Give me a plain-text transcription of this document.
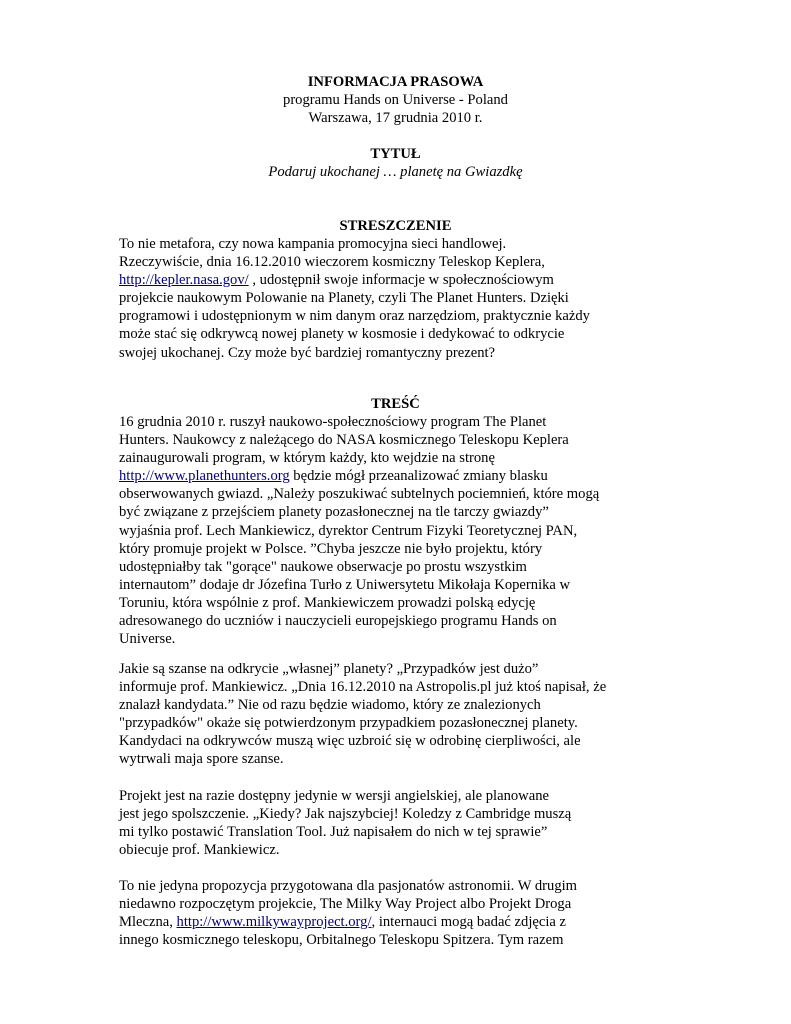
INFORMACJA PRASOWA
programu Hands on Universe - Poland
Warszawa, 17 grudnia 2010 r.
TYTUŁ
Podaruj ukochanej … planetę na Gwiazdkę
STRESZCZENIE
To nie metafora, czy nowa kampania promocyjna sieci handlowej.
Rzeczywiście, dnia 16.12.2010 wieczorem kosmiczny Teleskop Keplera,
http://kepler.nasa.gov/ , udostępnił swoje informacje w społecznościowym
projekcie naukowym Polowanie na Planety, czyli The Planet Hunters. Dzięki
programowi i udostępnionym w nim danym oraz narzędziom, praktycznie każdy
może stać się odkrywcą nowej planety w kosmosie i dedykować to odkrycie
swojej ukochanej. Czy może być bardziej romantyczny prezent?
TREŚĆ
16 grudnia 2010 r. ruszył naukowo-społecznościowy program The Planet
Hunters. Naukowcy z należącego do NASA kosmicznego Teleskopu Keplera
zainaugurowali program, w którym każdy, kto wejdzie na stronę
http://www.planethunters.org będzie mógł przeanalizować zmiany blasku
obserwowanych gwiazd. „Należy poszukiwać subtelnych pociemnień, które mogą
być związane z przejściem planety pozasłonecznej na tle tarczy gwiazdy”
wyjaśnia prof. Lech Mankiewicz, dyrektor Centrum Fizyki Teoretycznej PAN,
który promuje projekt w Polsce. ”Chyba jeszcze nie było projektu, który
udostępniałby tak "gorące" naukowe obserwacje po prostu wszystkim
internautom” dodaje dr Józefina Turło z Uniwersytetu Mikołaja Kopernika w
Toruniu, która wspólnie z prof. Mankiewiczem prowadzi polską edycję
adresowanego do uczniów i nauczycieli europejskiego programu Hands on
Universe.
Jakie są szanse na odkrycie „własnej” planety? „Przypadków jest dużo”
informuje prof. Mankiewicz. „Dnia 16.12.2010 na Astropolis.pl już ktoś napisał, że
znalazł kandydata.” Nie od razu będzie wiadomo, który ze znalezionych
"przypadków" okaże się potwierdzonym przypadkiem pozasłonecznej planety.
Kandydaci na odkrywców muszą więc uzbroić się w odrobinę cierpliwości, ale
wytrwali maja spore szanse.
Projekt jest na razie dostępny jedynie w wersji angielskiej, ale planowane
jest jego spolszczenie. „Kiedy? Jak najszybciej! Koledzy z Cambridge muszą
mi tylko postawić Translation Tool. Już napisałem do nich w tej sprawie”
obiecuje prof. Mankiewicz.
To nie jedyna propozycja przygotowana dla pasjonatów astronomii. W drugim
niedawno rozpoczętym projekcie, The Milky Way Project albo Projekt Droga
Mleczna, http://www.milkywayproject.org/, internauci mogą badać zdjęcia z
innego kosmicznego teleskopu, Orbitalnego Teleskopu Spitzera. Tym razem
